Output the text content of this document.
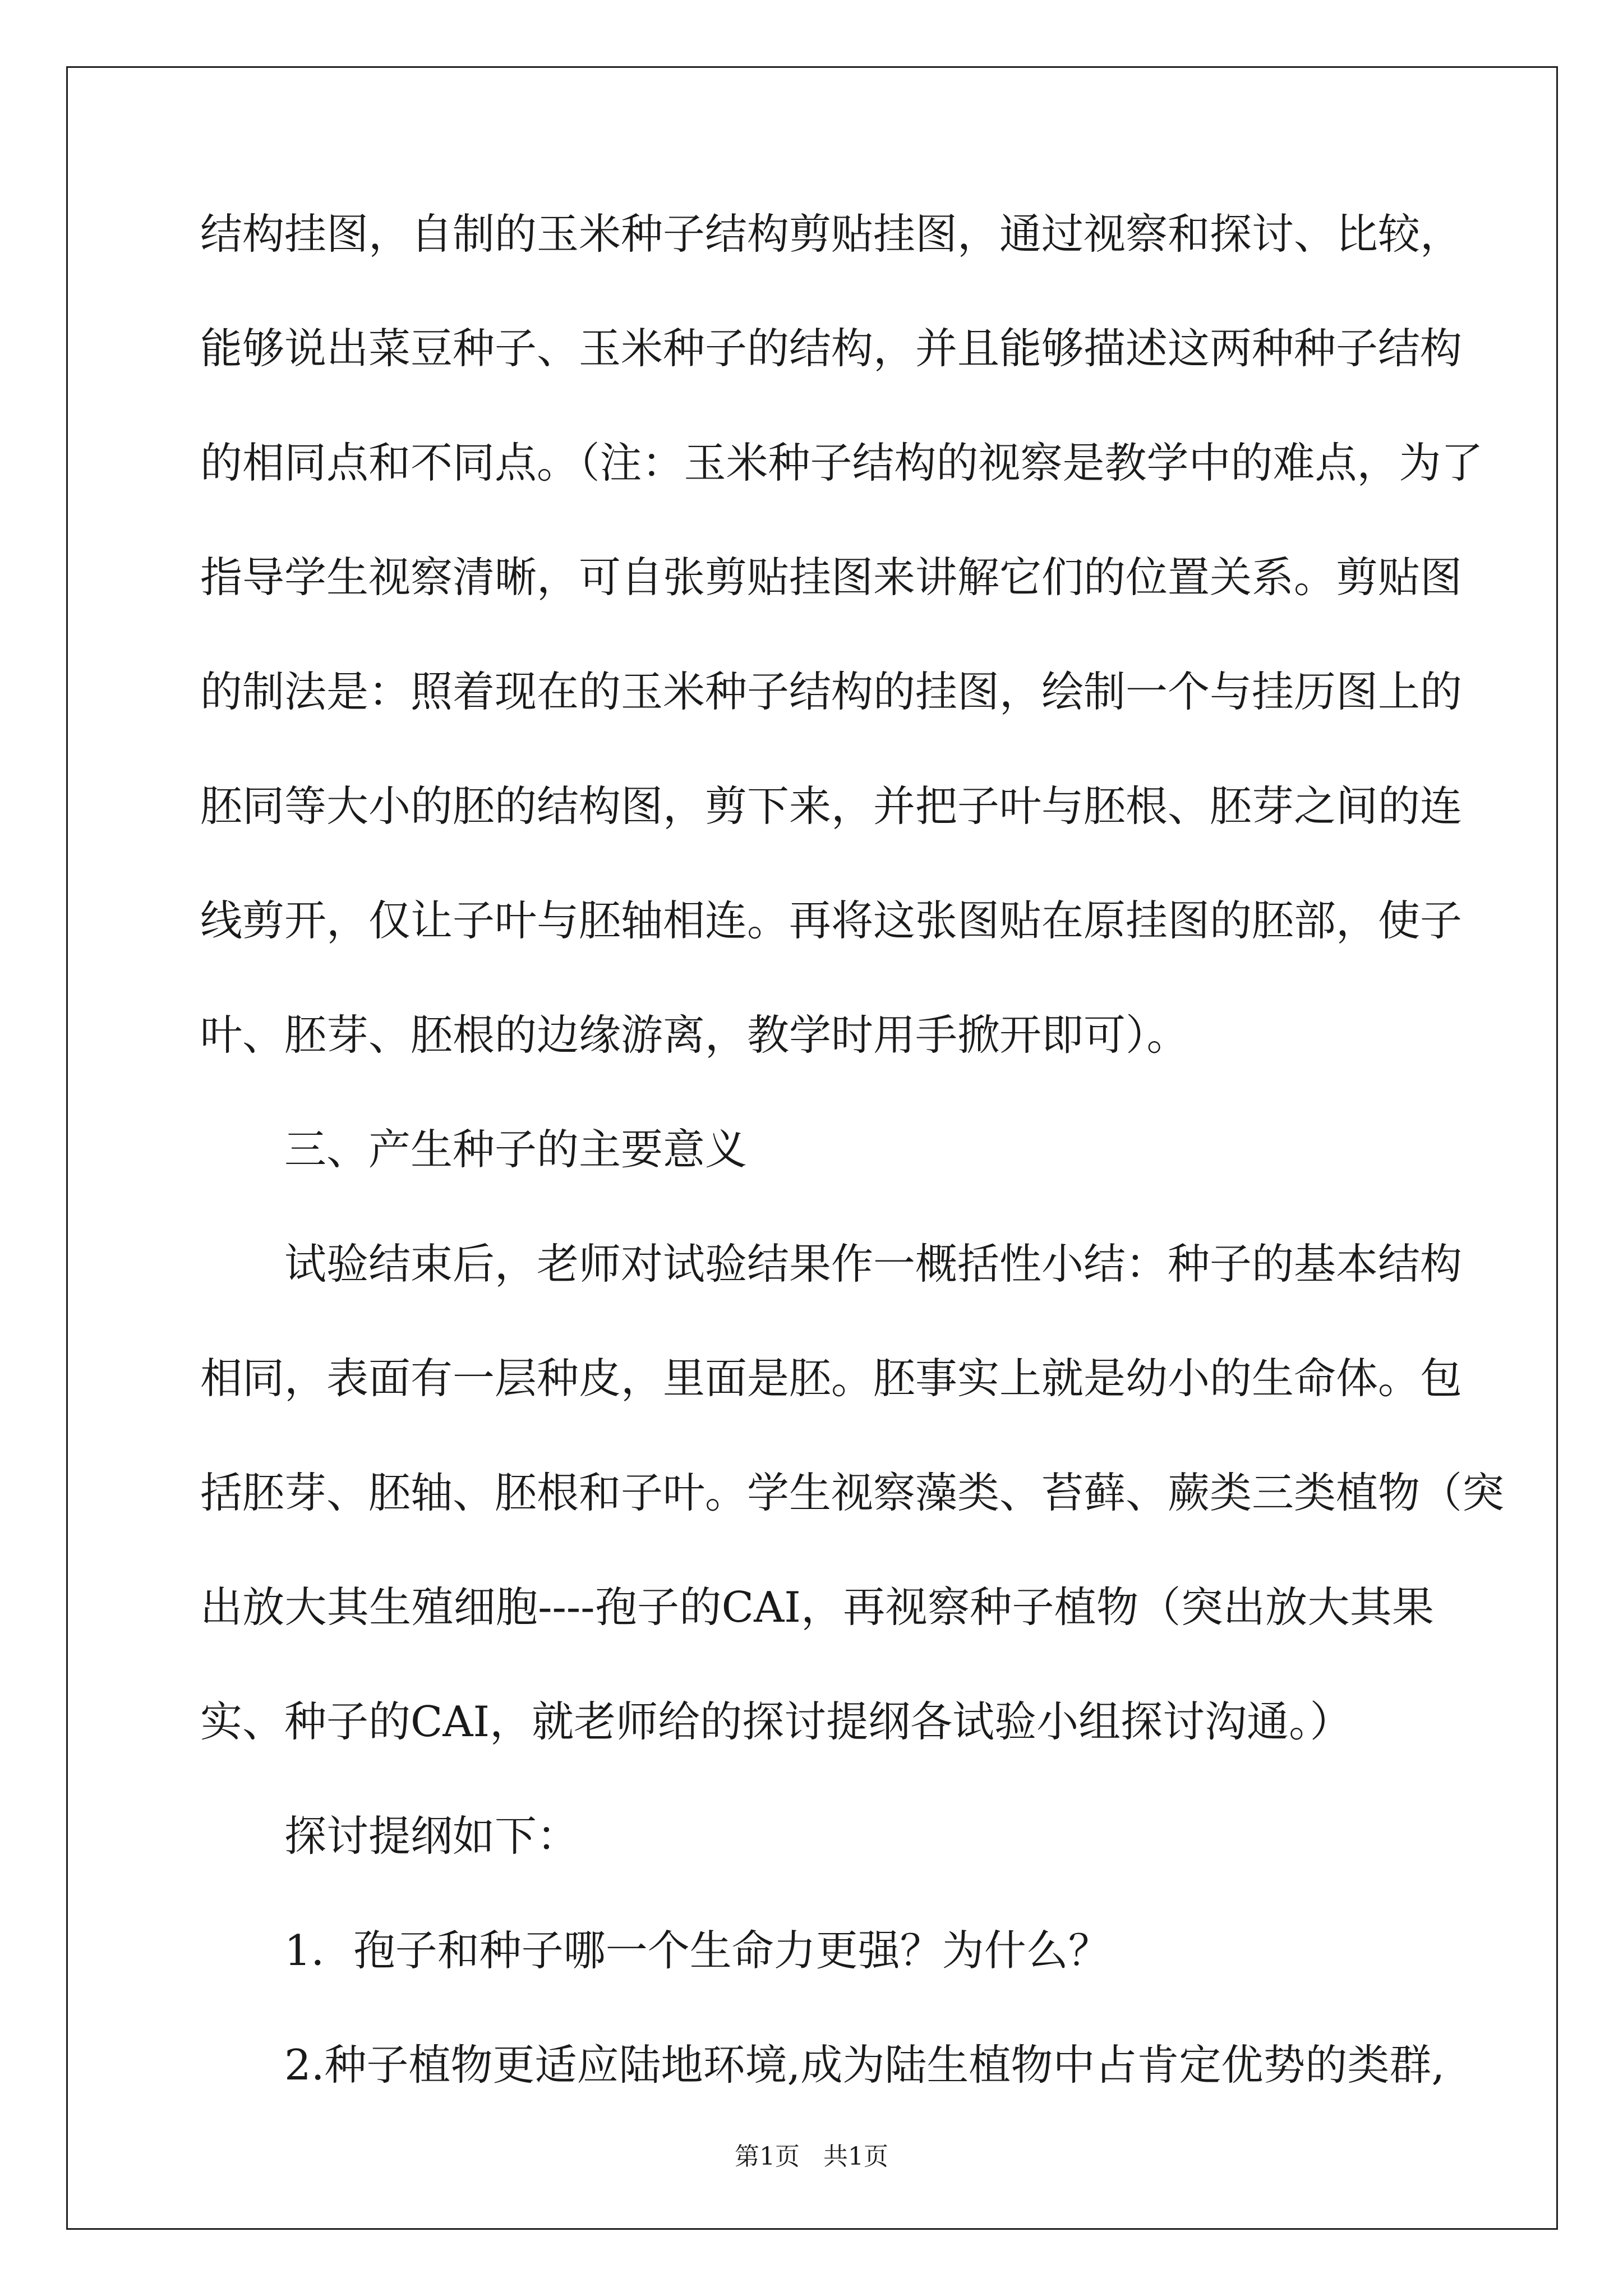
结构挂图，自制的玉米种子结构剪贴挂图，通过视察和探讨、比较，
能够说出菜豆种子、玉米种子的结构，并且能够描述这两种种子结构
的相同点和不同点。（注：玉米种子结构的视察是教学中的难点，为了
指导学生视察清晰，可自张剪贴挂图来讲解它们的位置关系。剪贴图
的制法是：照着现在的玉米种子结构的挂图，绘制一个与挂历图上的
胚同等大小的胚的结构图，剪下来，并把子叶与胚根、胚芽之间的连
线剪开，仅让子叶与胚轴相连。再将这张图贴在原挂图的胚部，使子
叶、胚芽、胚根的边缘游离，教学时用手掀开即可）。
三、产生种子的主要意义
试验结束后，老师对试验结果作一概括性小结：种子的基本结构
相同，表面有一层种皮，里面是胚。胚事实上就是幼小的生命体。包
括胚芽、胚轴、胚根和子叶。学生视察藻类、苔藓、蕨类三类植物（突
出放大其生殖细胞----孢子的CAI，再视察种子植物（突出放大其果
实、种子的CAI，就老师给的探讨提纲各试验小组探讨沟通。）
探讨提纲如下：
1．孢子和种子哪一个生命力更强？为什么？
2.种子植物更适应陆地环境,成为陆生植物中占肯定优势的类群,
第1页   共1页
